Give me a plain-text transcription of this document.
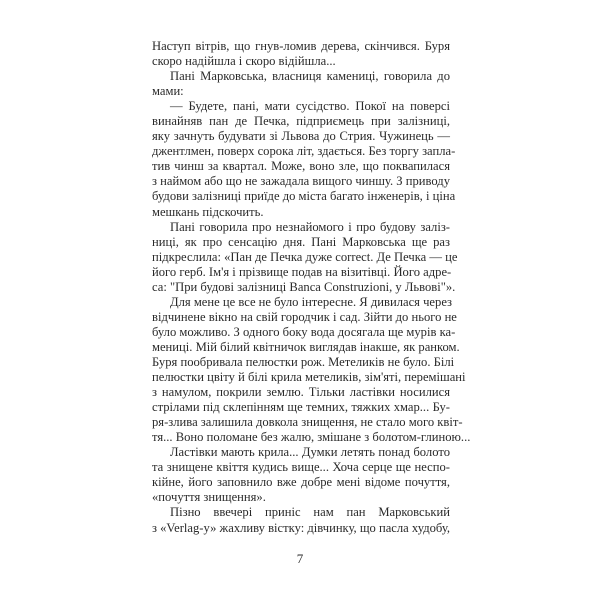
Наступ вітрів, що гнув-ломив дерева, скінчився. Буря
скоро надійшла і скоро відійшла...
Пані Марковська, власниця камениці, говорила до
мами:
— Будете, пані, мати сусідство. Покої на поверсі
винайняв пан де Печка, підприємець при залізниці,
яку зачнуть будувати зі Львова до Стрия. Чужинець —
джентлмен, поверх сорока літ, здається. Без торгу запла-
тив чинш за квартал. Може, воно зле, що поквапилася
з наймом або що не зажадала вищого чиншу. З приводу
будови залізниці приїде до міста багато інженерів, і ціна
мешкань підскочить.
Пані говорила про незнайомого і про будову заліз-
ниці, як про сенсацію дня. Пані Марковська ще раз
підкреслила: «Пан де Печка дуже correct. Де Печка — це
його герб. Ім'я і прізвище подав на візитівці. Його адре-
са: "При будові залізниці Banca Construzioni, у Львові"».
Для мене це все не було інтересне. Я дивилася через
відчинене вікно на свій городчик і сад. Зійти до нього не
було можливо. З одного боку вода досягала ще мурів ка-
мениці. Мій білий квітничок виглядав інакше, як ранком.
Буря пообривала пелюстки рож. Метеликів не було. Білі
пелюстки цвіту й білі крила метеликів, зім'яті, перемішані
з намулом, покрили землю. Тільки ластівки носилися
стрілами під склепінням ще темних, тяжких хмар... Бу-
ря-злива залишила довкола знищення, не стало мого квіт-
тя... Воно поломане без жалю, змішане з болотом-глиною...
Ластівки мають крила... Думки летять понад болото
та знищене квіття кудись вище... Хоча серце ще неспо-
кійне, його заповнило вже добре мені відоме почуття,
«почуття знищення».
Пізно ввечері приніс нам пан Марковський
з «Verlag-у» жахливу вістку: дівчинку, що пасла худобу,
7
